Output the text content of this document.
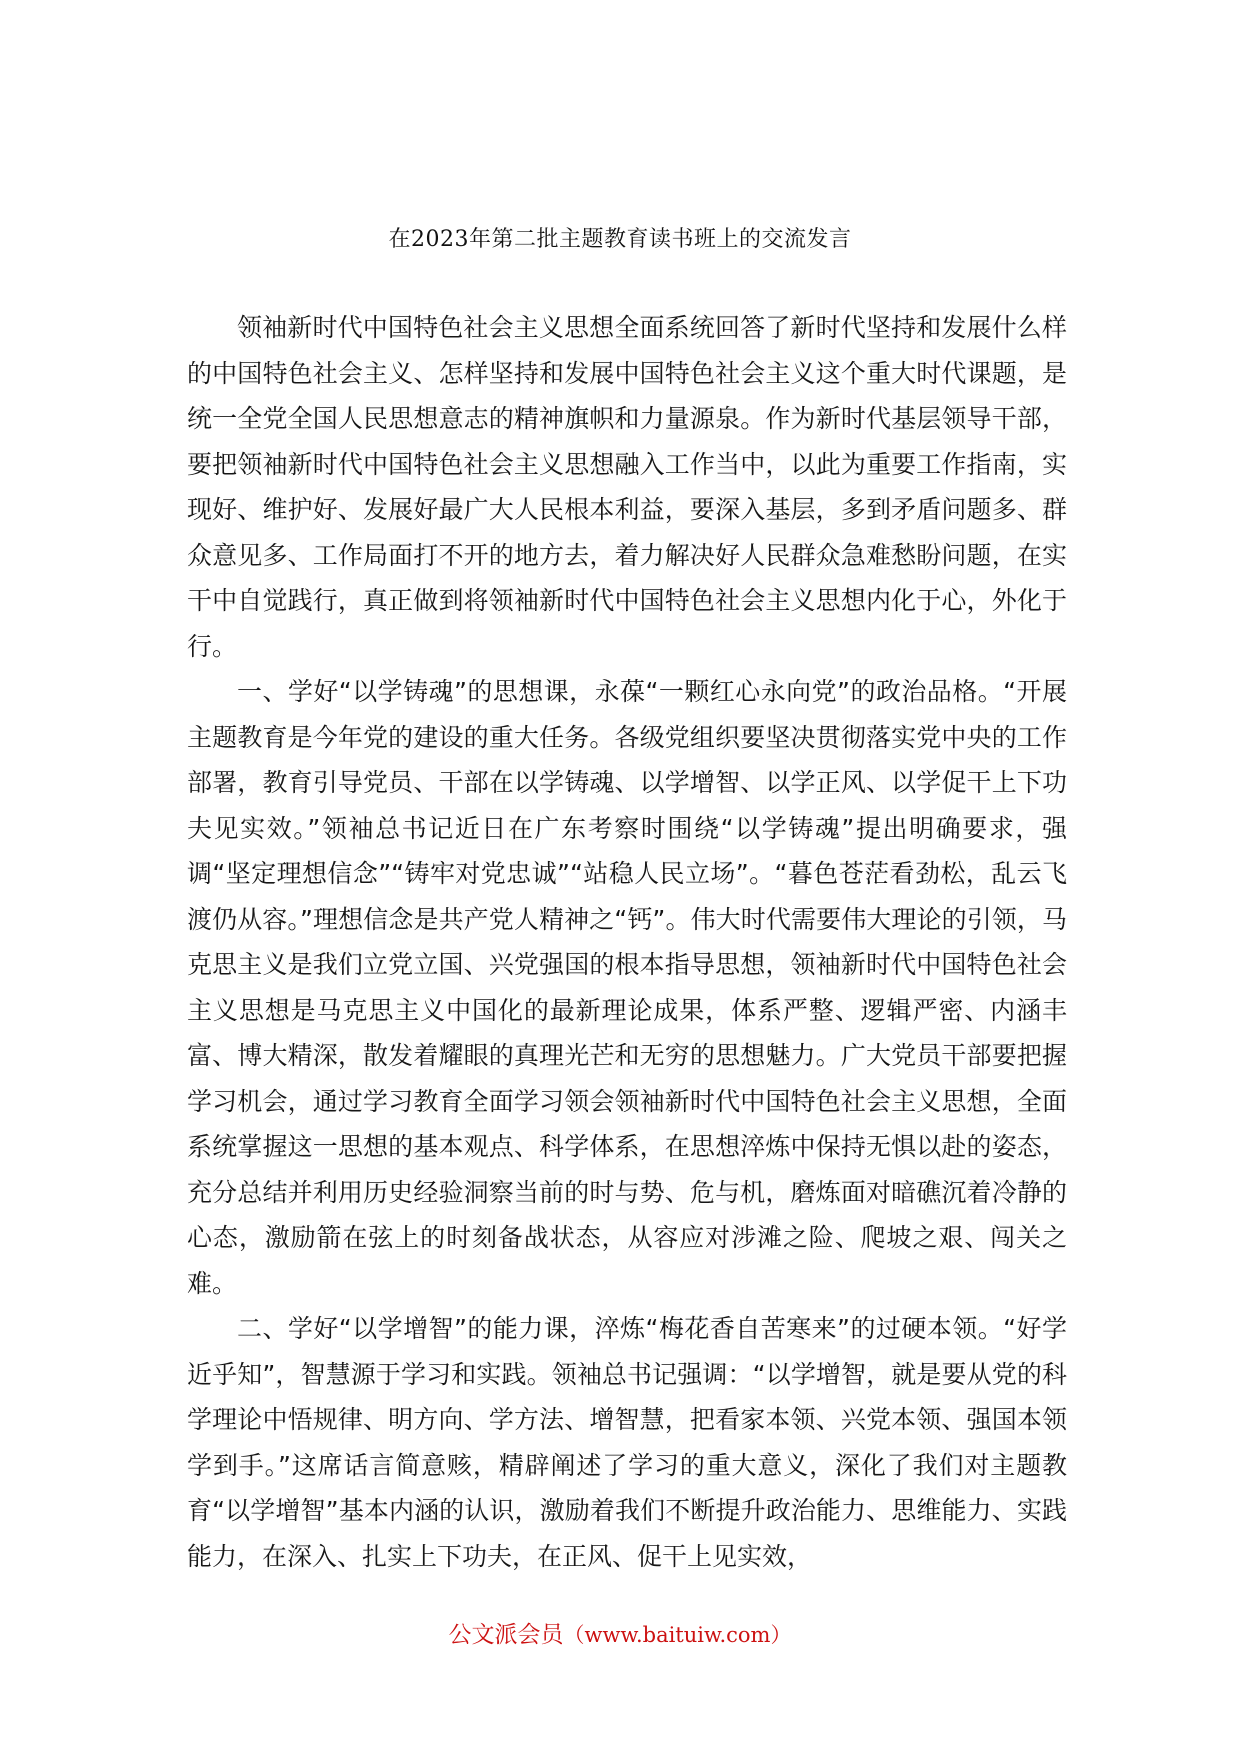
在2023年第二批主题教育读书班上的交流发言

领袖新时代中国特色社会主义思想全面系统回答了新时代坚持和发展什么样的中国特色社会主义、怎样坚持和发展中国特色社会主义这个重大时代课题，是统一全党全国人民思想意志的精神旗帜和力量源泉。作为新时代基层领导干部，要把领袖新时代中国特色社会主义思想融入工作当中，以此为重要工作指南，实现好、维护好、发展好最广大人民根本利益，要深入基层，多到矛盾问题多、群众意见多、工作局面打不开的地方去，着力解决好人民群众急难愁盼问题，在实干中自觉践行，真正做到将领袖新时代中国特色社会主义思想内化于心，外化于行。

一、学好“以学铸魂”的思想课，永葆“一颗红心永向党”的政治品格。“开展主题教育是今年党的建设的重大任务。各级党组织要坚决贯彻落实党中央的工作部署，教育引导党员、干部在以学铸魂、以学增智、以学正风、以学促干上下功夫见实效。”领袖总书记近日在广东考察时围绕“以学铸魂”提出明确要求，强调“坚定理想信念”“铸牢对党忠诚”“站稳人民立场”。“暮色苍茫看劲松，乱云飞渡仍从容。”理想信念是共产党人精神之“钙”。伟大时代需要伟大理论的引领，马克思主义是我们立党立国、兴党强国的根本指导思想，领袖新时代中国特色社会主义思想是马克思主义中国化的最新理论成果，体系严整、逻辑严密、内涵丰富、博大精深，散发着耀眼的真理光芒和无穷的思想魅力。广大党员干部要把握学习机会，通过学习教育全面学习领会领袖新时代中国特色社会主义思想，全面系统掌握这一思想的基本观点、科学体系，在思想淬炼中保持无惧以赴的姿态，充分总结并利用历史经验洞察当前的时与势、危与机，磨炼面对暗礁沉着冷静的心态，激励箭在弦上的时刻备战状态，从容应对涉滩之险、爬坡之艰、闯关之难。

二、学好“以学增智”的能力课，淬炼“梅花香自苦寒来”的过硬本领。“好学近乎知”，智慧源于学习和实践。领袖总书记强调：“以学增智，就是要从党的科学理论中悟规律、明方向、学方法、增智慧，把看家本领、兴党本领、强国本领学到手。”这席话言简意赅，精辟阐述了学习的重大意义，深化了我们对主题教育“以学增智”基本内涵的认识，激励着我们不断提升政治能力、思维能力、实践能力，在深入、扎实上下功夫，在正风、促干上见实效，

公文派会员（www.baituiw.com）
